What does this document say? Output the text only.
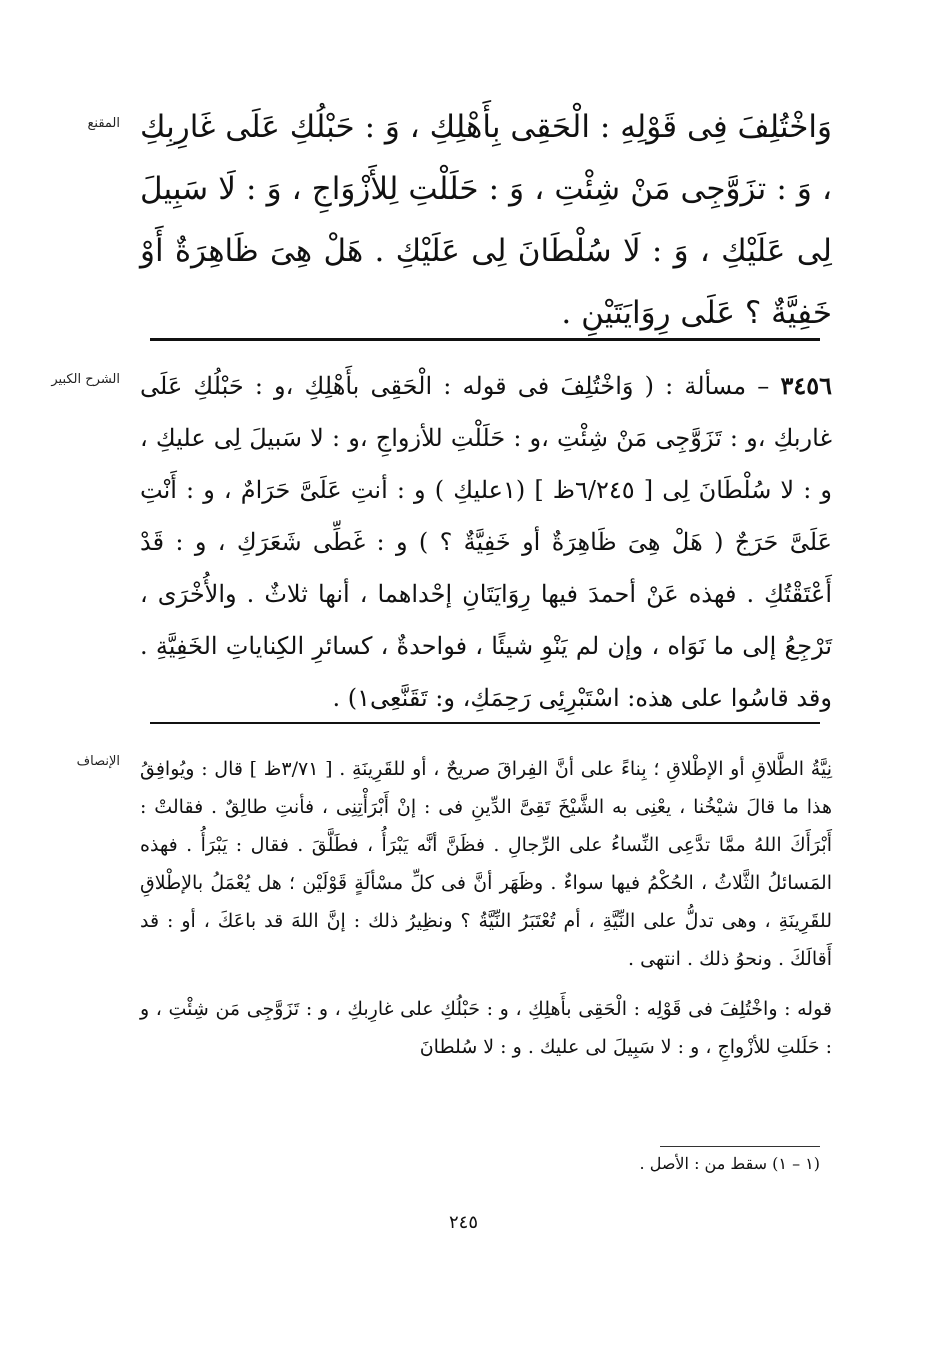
المقنع وَاخْتُلِفَ فِى قَوْلِهِ : الْحَقِى بِأَهْلِكِ ، وَ : حَبْلُكِ عَلَى غَارِبِكِ ، وَ : تزَوَّجِى مَنْ شِئْتِ ، وَ : حَلَلْتِ لِلأَزْوَاجِ ، وَ : لَا سَبِيلَ لِى عَلَيْكِ ، وَ : لَا سُلْطَانَ لِى عَلَيْكِ . هَلْ هِىَ ظَاهِرَةٌ أَوْ خَفِيَّةٌ ؟ عَلَى رِوَايَتَيْنِ .

الشرح الكبير	٣٤٥٦ – مسألة : ( وَاخْتُلِفَ فى قوله : الْحَقِى بأَهْلِكِ ،و : حَبْلُكِ عَلَى غاربكِ ،و : تَزَوَّجِى مَنْ شِئْتِ ،و : حَلَلْتِ للأزواجِ ،و : لا سَبيلَ لِى عليكِ ، و : لا سُلْطَانَ لِى [ ٦/٢٤٥ظ ] (١عليكِ ) و : أنتِ عَلَىَّ حَرَامٌ ، و : أَنْتِ عَلَىَّ حَرَجٌ ( هَلْ هِىَ ظَاهِرَةٌ أو خَفِيَّةٌ ؟ ) و : غَطِّى شَعَرَكِ ، و : قَدْ أَعْتَقْتُكِ . فهذه عَنْ أحمدَ فيها رِوَايَتَانِ إحْداهما ، أنها ثلاثٌ . والأُخْرَى ، تَرْجِعُ إلى ما نَوَاه ، وإن لم يَنْوِ شيئًا ، فواحدةٌ ، كسائرِ الكِناياتِ الخَفِيَّةِ . وقد قاسُوا على هذه: اسْتَبْرِئِى رَحِمَكِ، و: تَقَنَّعِى١) .

الإنصاف نِيَّةُ الطَّلاقِ أو الإطْلاقِ ؛ بِناءً على أنَّ الفِراقَ صريحٌ ، أو للقَرِينَةِ . [ ٣/٧١ظ ] قال : ويُوافِقُ هذا ما قالَ شيْخُنا ، يعْنِى به الشَّيْخَ تَقِىَّ الدِّينِ فى : إنْ أَبْرَأْتِنِى ، فأنتِ طالِقٌ . فقالتْ : أَبْرَأَكَ اللهُ ممَّا تدَّعِى النِّساءُ على الرِّجالِ . فظَنَّ أنَّه يَبْرَأُ ، فطَلَّقَ . فقال : يَبْرَأُ . فهذه المَسائلُ الثَّلاثُ ، الحُكْمُ فيها سواءٌ . وظَهَر أنَّ فى كلِّ مسْألَةٍ قَوْلَيْن ؛ هل يُعْمَلُ بالإطْلاقِ للقَرِينَةِ ، وهى تدلُّ على النِّيَّةِ ، أم تُعْتَبَرُ النِّيَّةُ ؟ ونظِيرُ ذلك : إنَّ اللهَ قد باعَكَ ، أو : قد أَقالَكَ . ونحوُ ذلك . انتهى .

قوله : واخْتُلِفَ فى قَوْلِه : الْحَقِى بأَهلِكِ ، و : حَبْلُكِ على غارِبكِ ، و : تَزَوَّجِى مَن شِئْتِ ، و : حَلَلتِ للأزْواجِ ، و : لا سَبِيلَ لى عليك . و : لا سُلطانَ

(١ – ١) سقط من : الأصل .
٢٤٥
